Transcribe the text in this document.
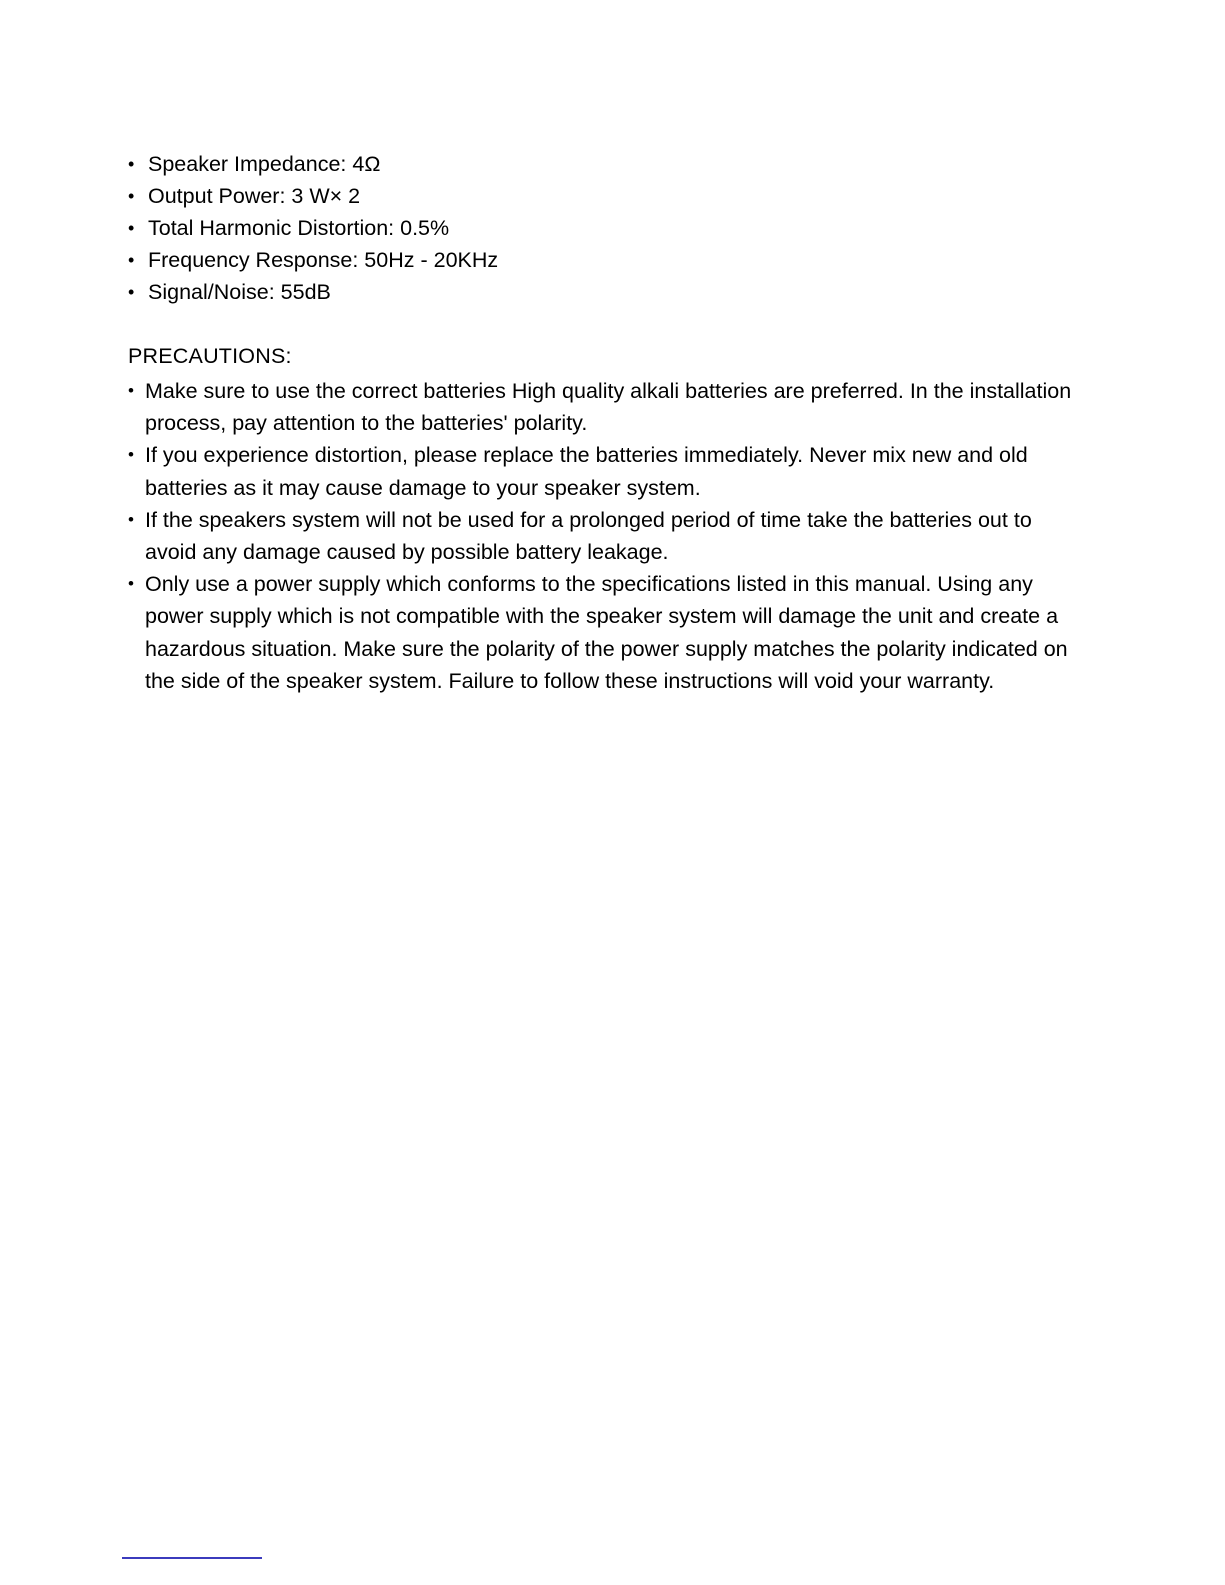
• Speaker Impedance: 4Ω
• Output Power: 3 W× 2
• Total Harmonic Distortion: 0.5%
• Frequency Response: 50Hz - 20KHz
• Signal/Noise: 55dB
PRECAUTIONS:
• Make sure to use the correct batteries High quality alkali batteries are preferred. In the installation process, pay attention to the batteries' polarity.
• If you experience distortion, please replace the batteries immediately. Never mix new and old batteries as it may cause damage to your speaker system.
• If the speakers system will not be used for a prolonged period of time take the batteries out to avoid any damage caused by possible battery leakage.
• Only use a power supply which conforms to the specifications listed in this manual. Using any power supply which is not compatible with the speaker system will damage the unit and create a hazardous situation. Make sure the polarity of the power supply matches the polarity indicated on the side of the speaker system. Failure to follow these instructions will void your warranty.
